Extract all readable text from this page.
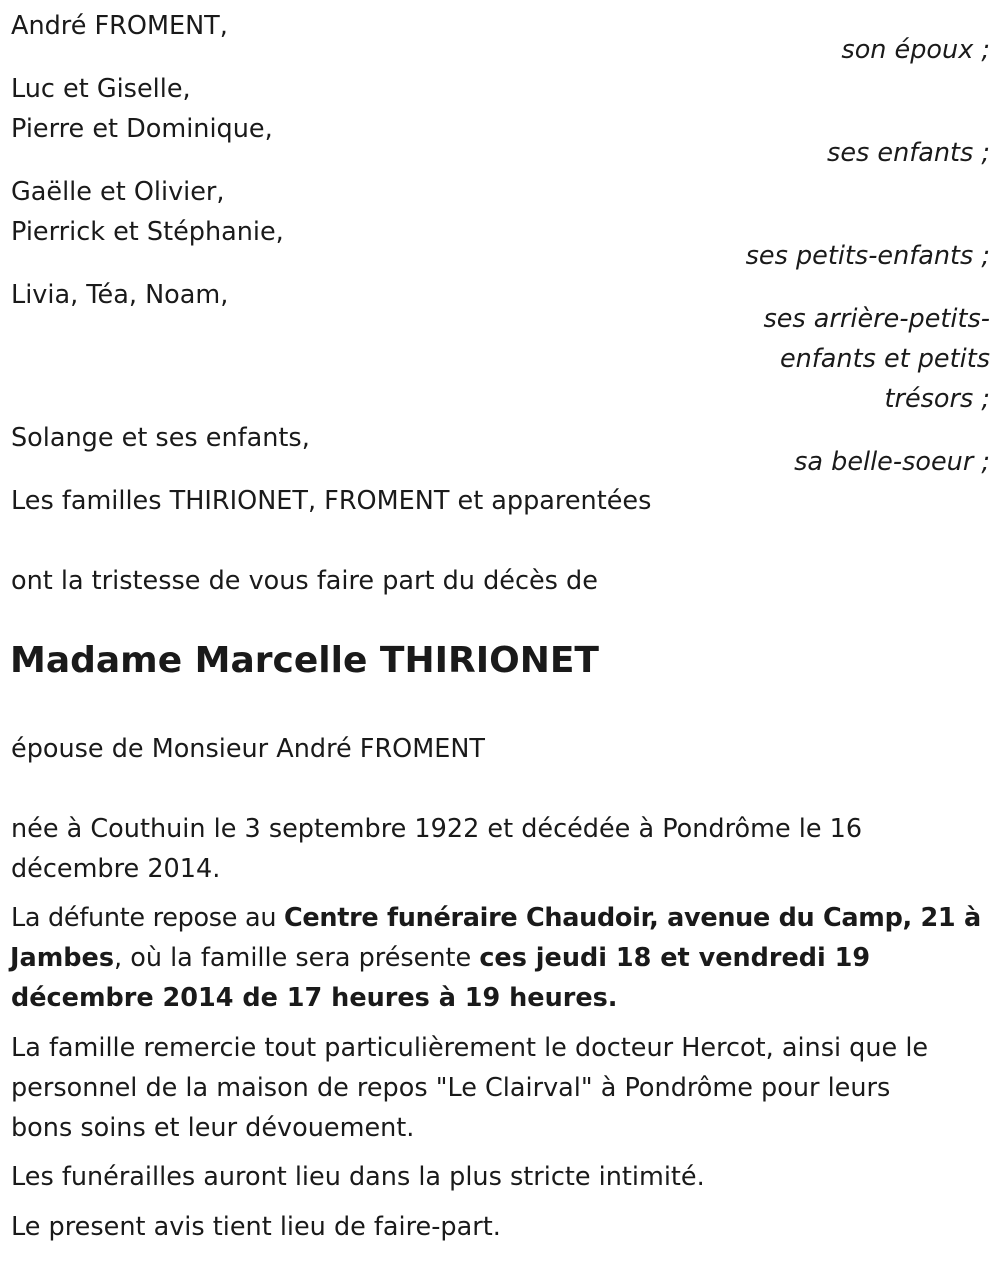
André FROMENT,

son époux ;

Luc et Giselle,

Pierre et Dominique,

ses enfants ;

Gaëlle et Olivier,

Pierrick et Stéphanie,

ses petits-enfants ;

Livia, Téa, Noam,

ses arrière-petits-

enfants et petits

trésors ;

Solange et ses enfants,

sa belle-soeur ;

Les familles THIRIONET, FROMENT et apparentées

ont la tristesse de vous faire part du décès de

Madame Marcelle THIRIONET

épouse de Monsieur André FROMENT

née à Couthuin le 3 septembre 1922 et décédée à Pondrôme le 16

décembre 2014.

La défunte repose au Centre funéraire Chaudoir, avenue du Camp, 21 à

Jambes, où la famille sera présente ces jeudi 18 et vendredi 19

décembre 2014 de 17 heures à 19 heures.

La famille remercie tout particulièrement le docteur Hercot, ainsi que le

personnel de la maison de repos "Le Clairval" à Pondrôme pour leurs

bons soins et leur dévouement.

Les funérailles auront lieu dans la plus stricte intimité.

Le present avis tient lieu de faire-part.
